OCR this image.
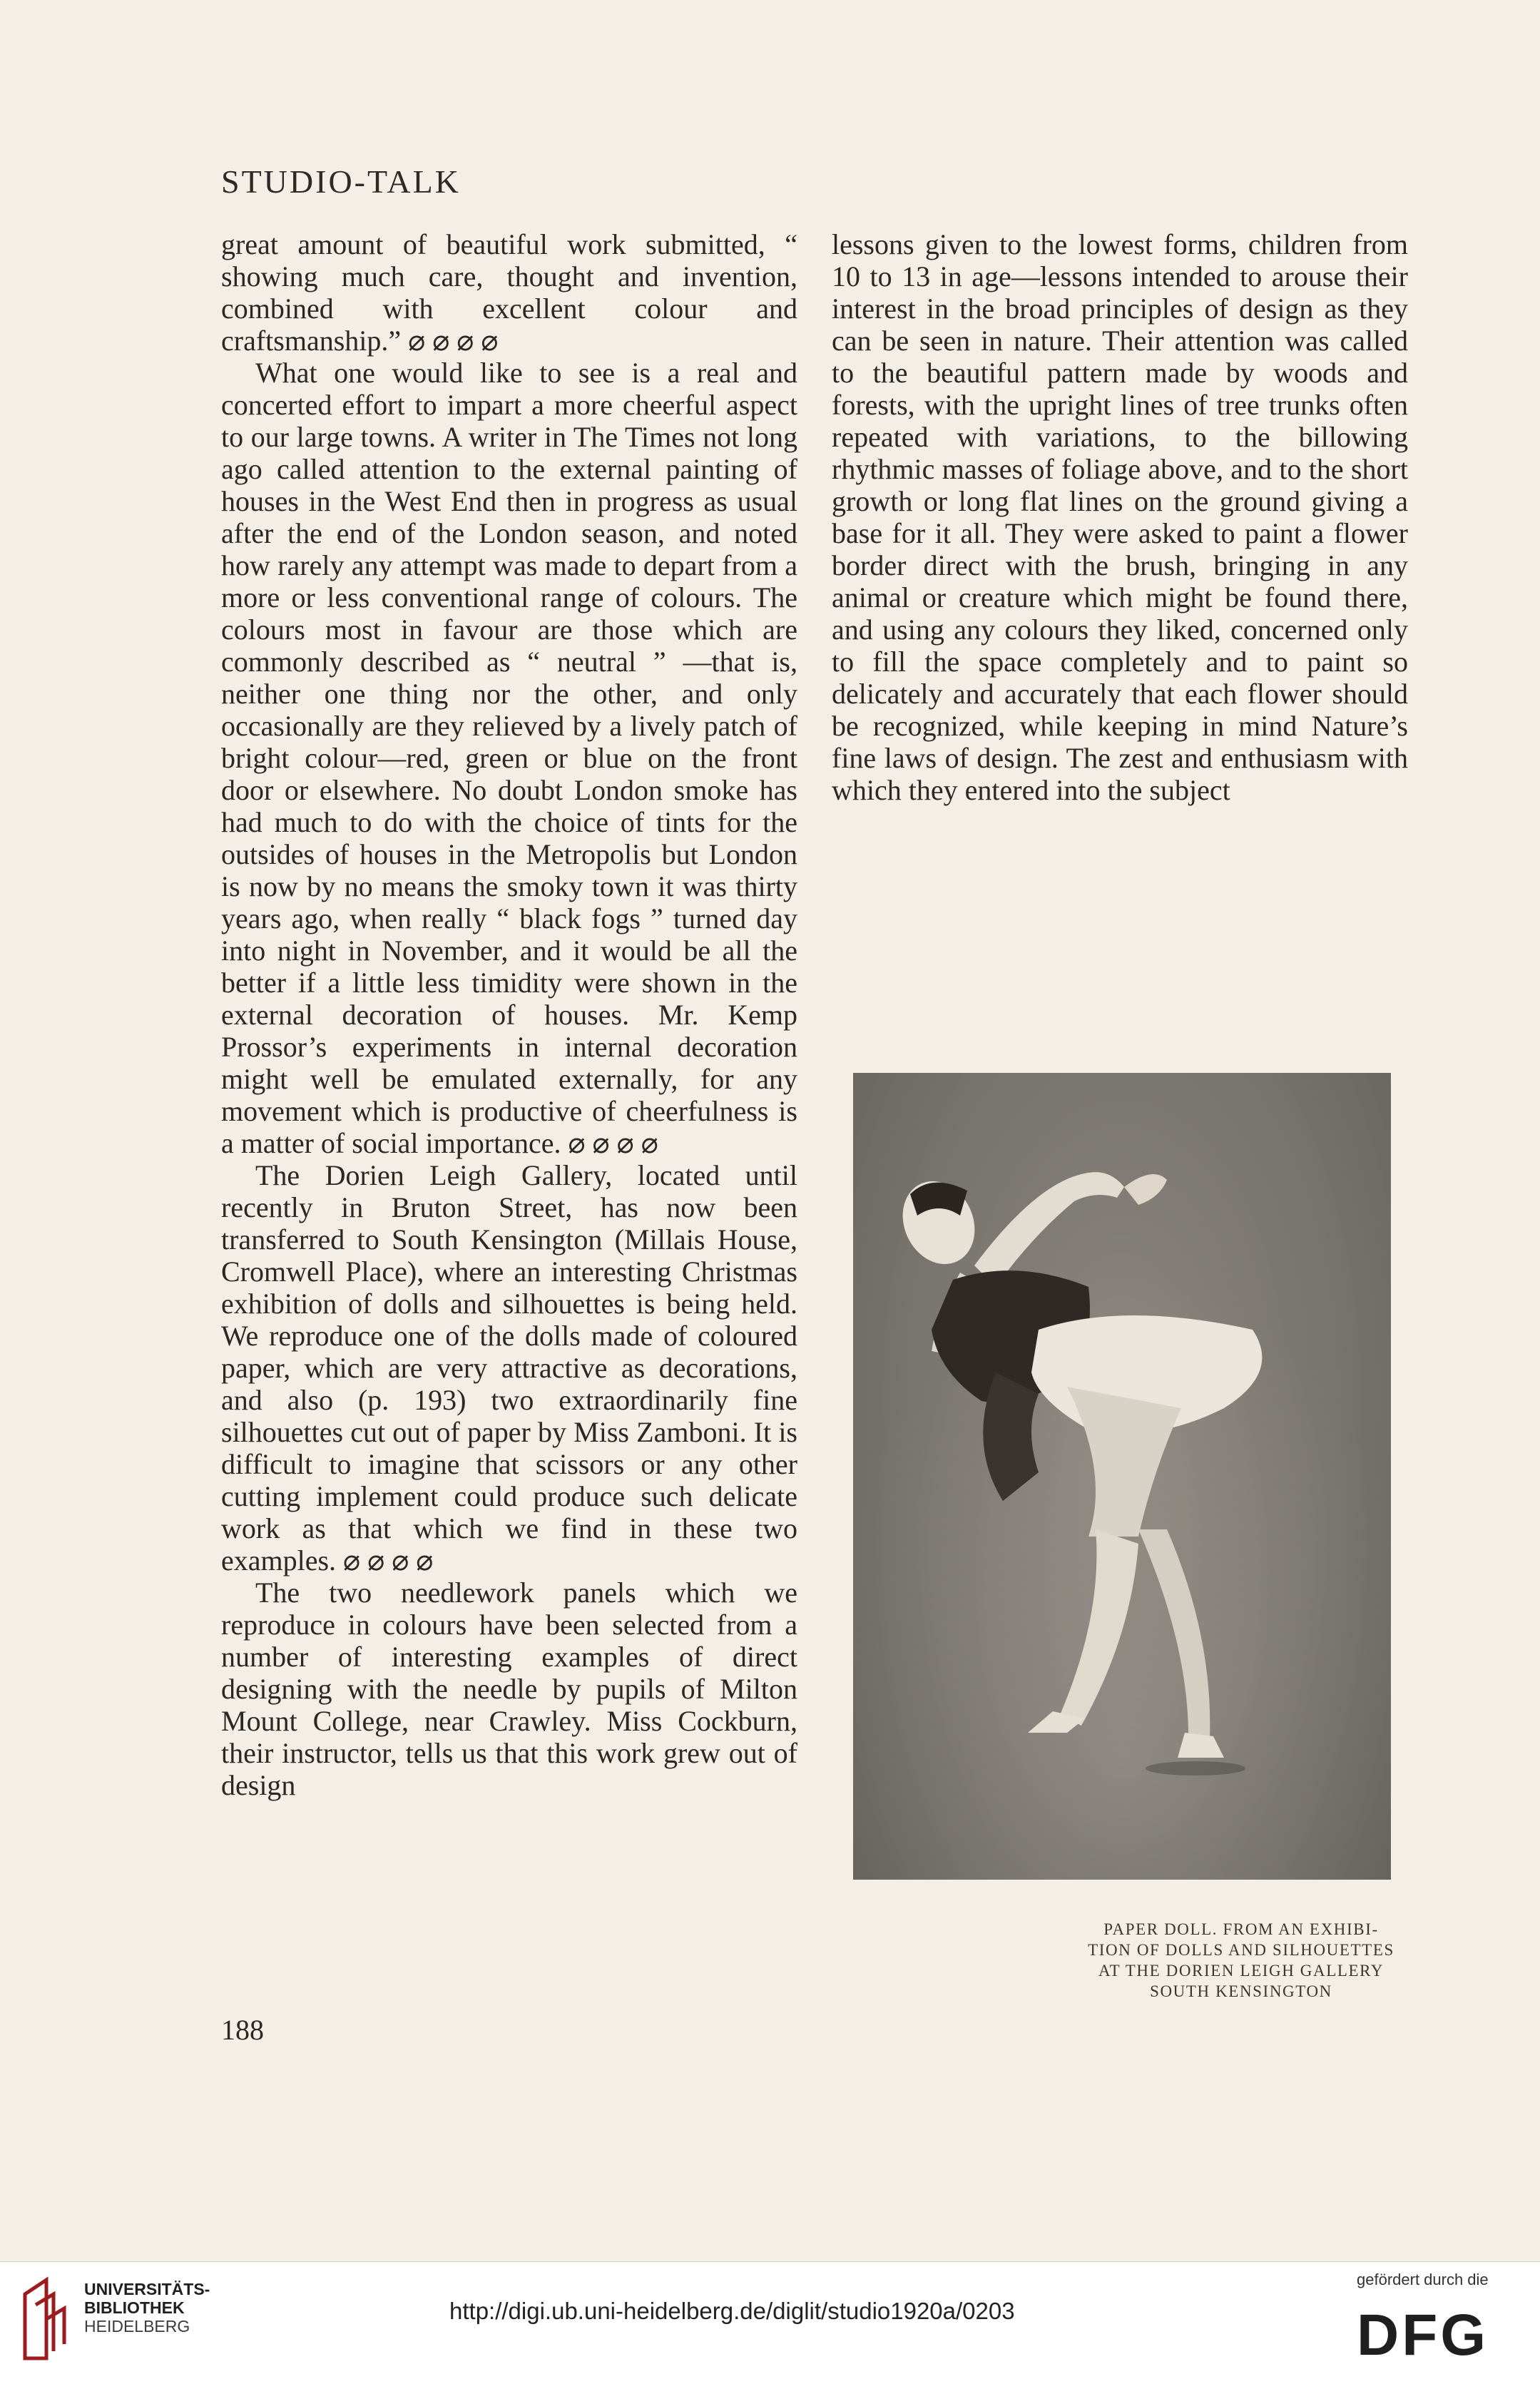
STUDIO-TALK

great amount of beautiful work submitted, “ showing much care, thought and invention, combined with excellent colour and craftsmanship.” ⌀ ⌀ ⌀ ⌀

What one would like to see is a real and concerted effort to impart a more cheerful aspect to our large towns. A writer in The Times not long ago called attention to the external painting of houses in the West End then in progress as usual after the end of the London season, and noted how rarely any attempt was made to depart from a more or less conventional range of colours. The colours most in favour are those which are commonly described as “ neutral ” —that is, neither one thing nor the other, and only occasionally are they relieved by a lively patch of bright colour—red, green or blue on the front door or elsewhere. No doubt London smoke has had much to do with the choice of tints for the outsides of houses in the Metropolis but London is now by no means the smoky town it was thirty years ago, when really “ black fogs ” turned day into night in November, and it would be all the better if a little less timidity were shown in the external decoration of houses. Mr. Kemp Prossor’s experiments in internal decoration might well be emulated externally, for any movement which is productive of cheerfulness is a matter of social importance. ⌀ ⌀ ⌀ ⌀

The Dorien Leigh Gallery, located until recently in Bruton Street, has now been transferred to South Kensington (Millais House, Cromwell Place), where an interesting Christmas exhibition of dolls and silhouettes is being held. We reproduce one of the dolls made of coloured paper, which are very attractive as decorations, and also (p. 193) two extraordinarily fine silhouettes cut out of paper by Miss Zamboni. It is difficult to imagine that scissors or any other cutting implement could produce such delicate work as that which we find in these two examples. ⌀ ⌀ ⌀ ⌀

The two needlework panels which we reproduce in colours have been selected from a number of interesting examples of direct designing with the needle by pupils of Milton Mount College, near Crawley. Miss Cockburn, their instructor, tells us that this work grew out of design

lessons given to the lowest forms, children from 10 to 13 in age—lessons intended to arouse their interest in the broad principles of design as they can be seen in nature. Their attention was called to the beautiful pattern made by woods and forests, with the upright lines of tree trunks often repeated with variations, to the billowing rhythmic masses of foliage above, and to the short growth or long flat lines on the ground giving a base for it all. They were asked to paint a flower border direct with the brush, bringing in any animal or creature which might be found there, and using any colours they liked, concerned only to fill the space completely and to paint so delicately and accurately that each flower should be recognized, while keeping in mind Nature’s fine laws of design. The zest and enthusiasm with which they entered into the subject

PAPER DOLL. FROM AN EXHIBI-
TION OF DOLLS AND SILHOUETTES
AT THE DORIEN LEIGH GALLERY
SOUTH KENSINGTON
188
UNIVERSITÄTS-
BIBLIOTHEK
HEIDELBERG
http://digi.ub.uni-heidelberg.de/diglit/studio1920a/0203
gefördert durch die
DFG
